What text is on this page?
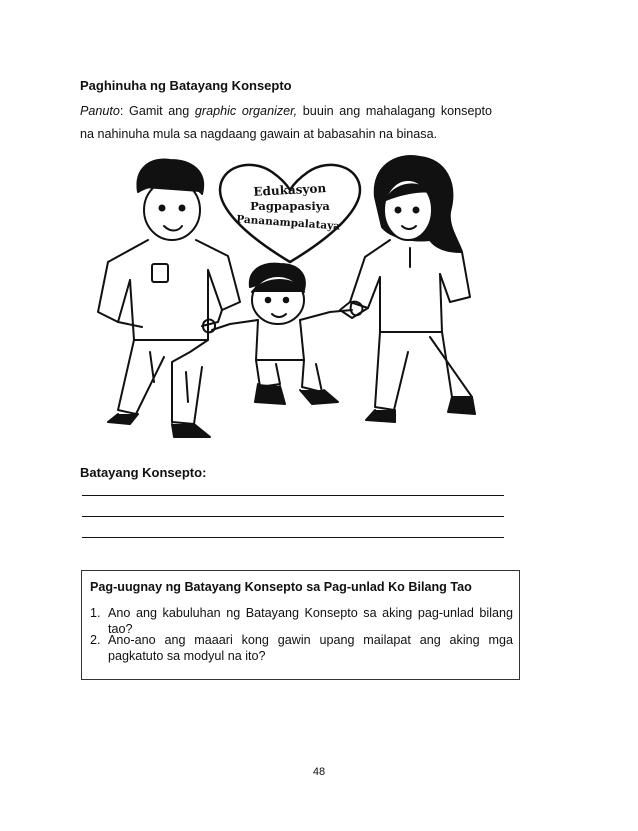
Paghinuha ng Batayang Konsepto
Panuto: Gamit ang graphic organizer, buuin ang mahalagang konsepto na nahinuha mula sa nagdaang gawain at babasahin na binasa.
Edukasyon
Pagpapasiya
Pananampalataya
Batayang Konsepto:
Pag-uugnay ng Batayang Konsepto sa Pag-unlad Ko Bilang Tao
1. Ano ang kabuluhan ng Batayang Konsepto sa aking pag-unlad bilang tao?
2. Ano-ano ang maaari kong gawin upang mailapat ang aking mga pagkatuto sa modyul na ito?
48
